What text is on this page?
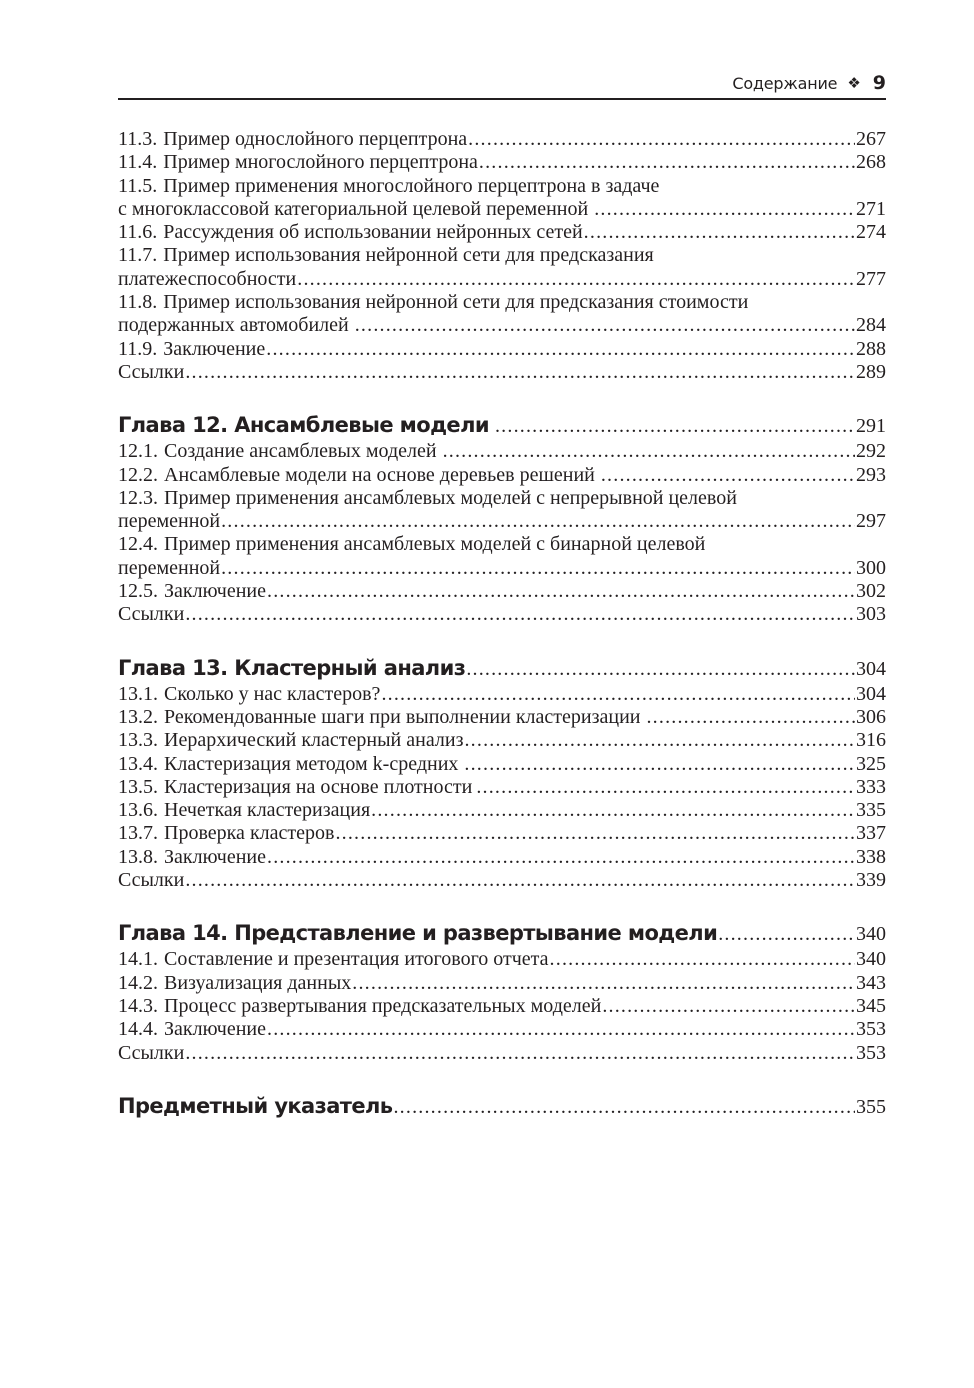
Содержание ❖ 9
11.3. Пример однослойного перцептрона .....	267
11.4. Пример многослойного перцептрона .....	268
11.5. Пример применения многослойного перцептрона в задаче
с многоклассовой категориальной целевой переменной .....	271
11.6. Рассуждения об использовании нейронных сетей .....	274
11.7. Пример использования нейронной сети для предсказания
платежеспособности .....	277
11.8. Пример использования нейронной сети для предсказания стоимости
подержанных автомобилей .....	284
11.9. Заключение .....	288
Ссылки .....	289
Глава 12. Ансамблевые модели .....	291
12.1. Создание ансамблевых моделей .....	292
12.2. Ансамблевые модели на основе деревьев решений .....	293
12.3. Пример применения ансамблевых моделей с непрерывной целевой
переменной .....	297
12.4. Пример применения ансамблевых моделей с бинарной целевой
переменной .....	300
12.5. Заключение .....	302
Ссылки .....	303
Глава 13. Кластерный анализ .....	304
13.1. Сколько у нас кластеров? .....	304
13.2. Рекомендованные шаги при выполнении кластеризации .....	306
13.3. Иерархический кластерный анализ .....	316
13.4. Кластеризация методом k-средних .....	325
13.5. Кластеризация на основе плотности .....	333
13.6. Нечеткая кластеризация .....	335
13.7. Проверка кластеров .....	337
13.8. Заключение .....	338
Ссылки .....	339
Глава 14. Представление и развертывание модели .....	340
14.1. Составление и презентация итогового отчета .....	340
14.2. Визуализация данных .....	343
14.3. Процесс развертывания предсказательных моделей .....	345
14.4. Заключение .....	353
Ссылки .....	353
Предметный указатель .....	355
